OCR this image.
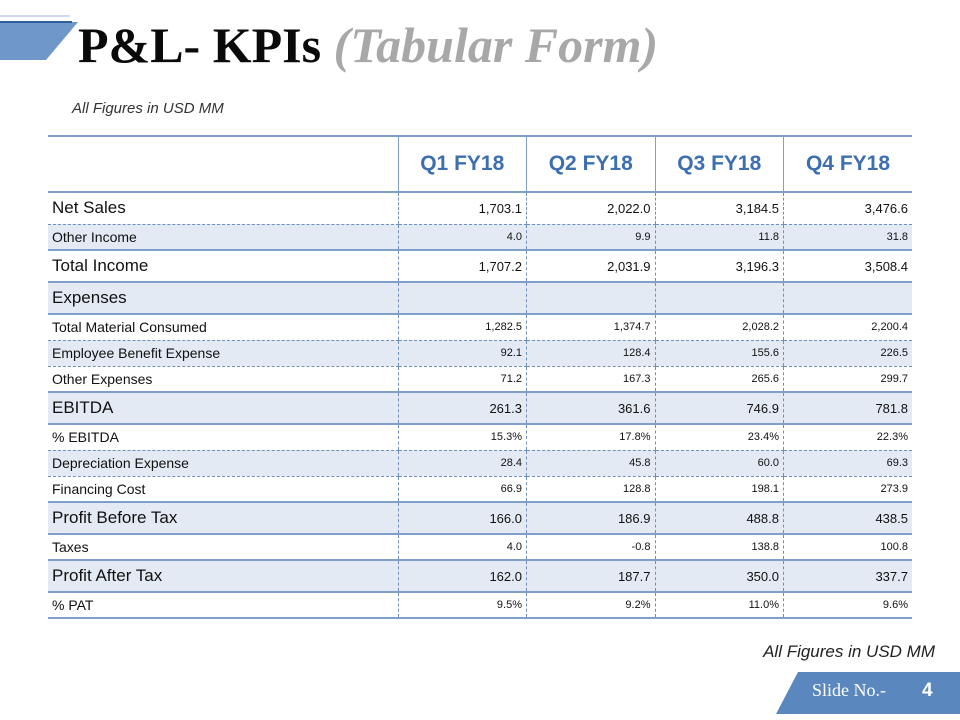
P&L- KPIs (Tabular Form)
All Figures in USD MM
	Q1 FY18	Q2 FY18	Q3 FY18	Q4 FY18
Net Sales	1,703.1	2,022.0	3,184.5	3,476.6
Other Income	4.0	9.9	11.8	31.8
Total Income	1,707.2	2,031.9	3,196.3	3,508.4
Expenses				
Total Material Consumed	1,282.5	1,374.7	2,028.2	2,200.4
Employee Benefit Expense	92.1	128.4	155.6	226.5
Other Expenses	71.2	167.3	265.6	299.7
EBITDA	261.3	361.6	746.9	781.8
% EBITDA	15.3%	17.8%	23.4%	22.3%
Depreciation Expense	28.4	45.8	60.0	69.3
Financing Cost	66.9	128.8	198.1	273.9
Profit Before Tax	166.0	186.9	488.8	438.5
Taxes	4.0	-0.8	138.8	100.8
Profit After Tax	162.0	187.7	350.0	337.7
% PAT	9.5%	9.2%	11.0%	9.6%
All Figures in USD MM
Slide No.- 4
